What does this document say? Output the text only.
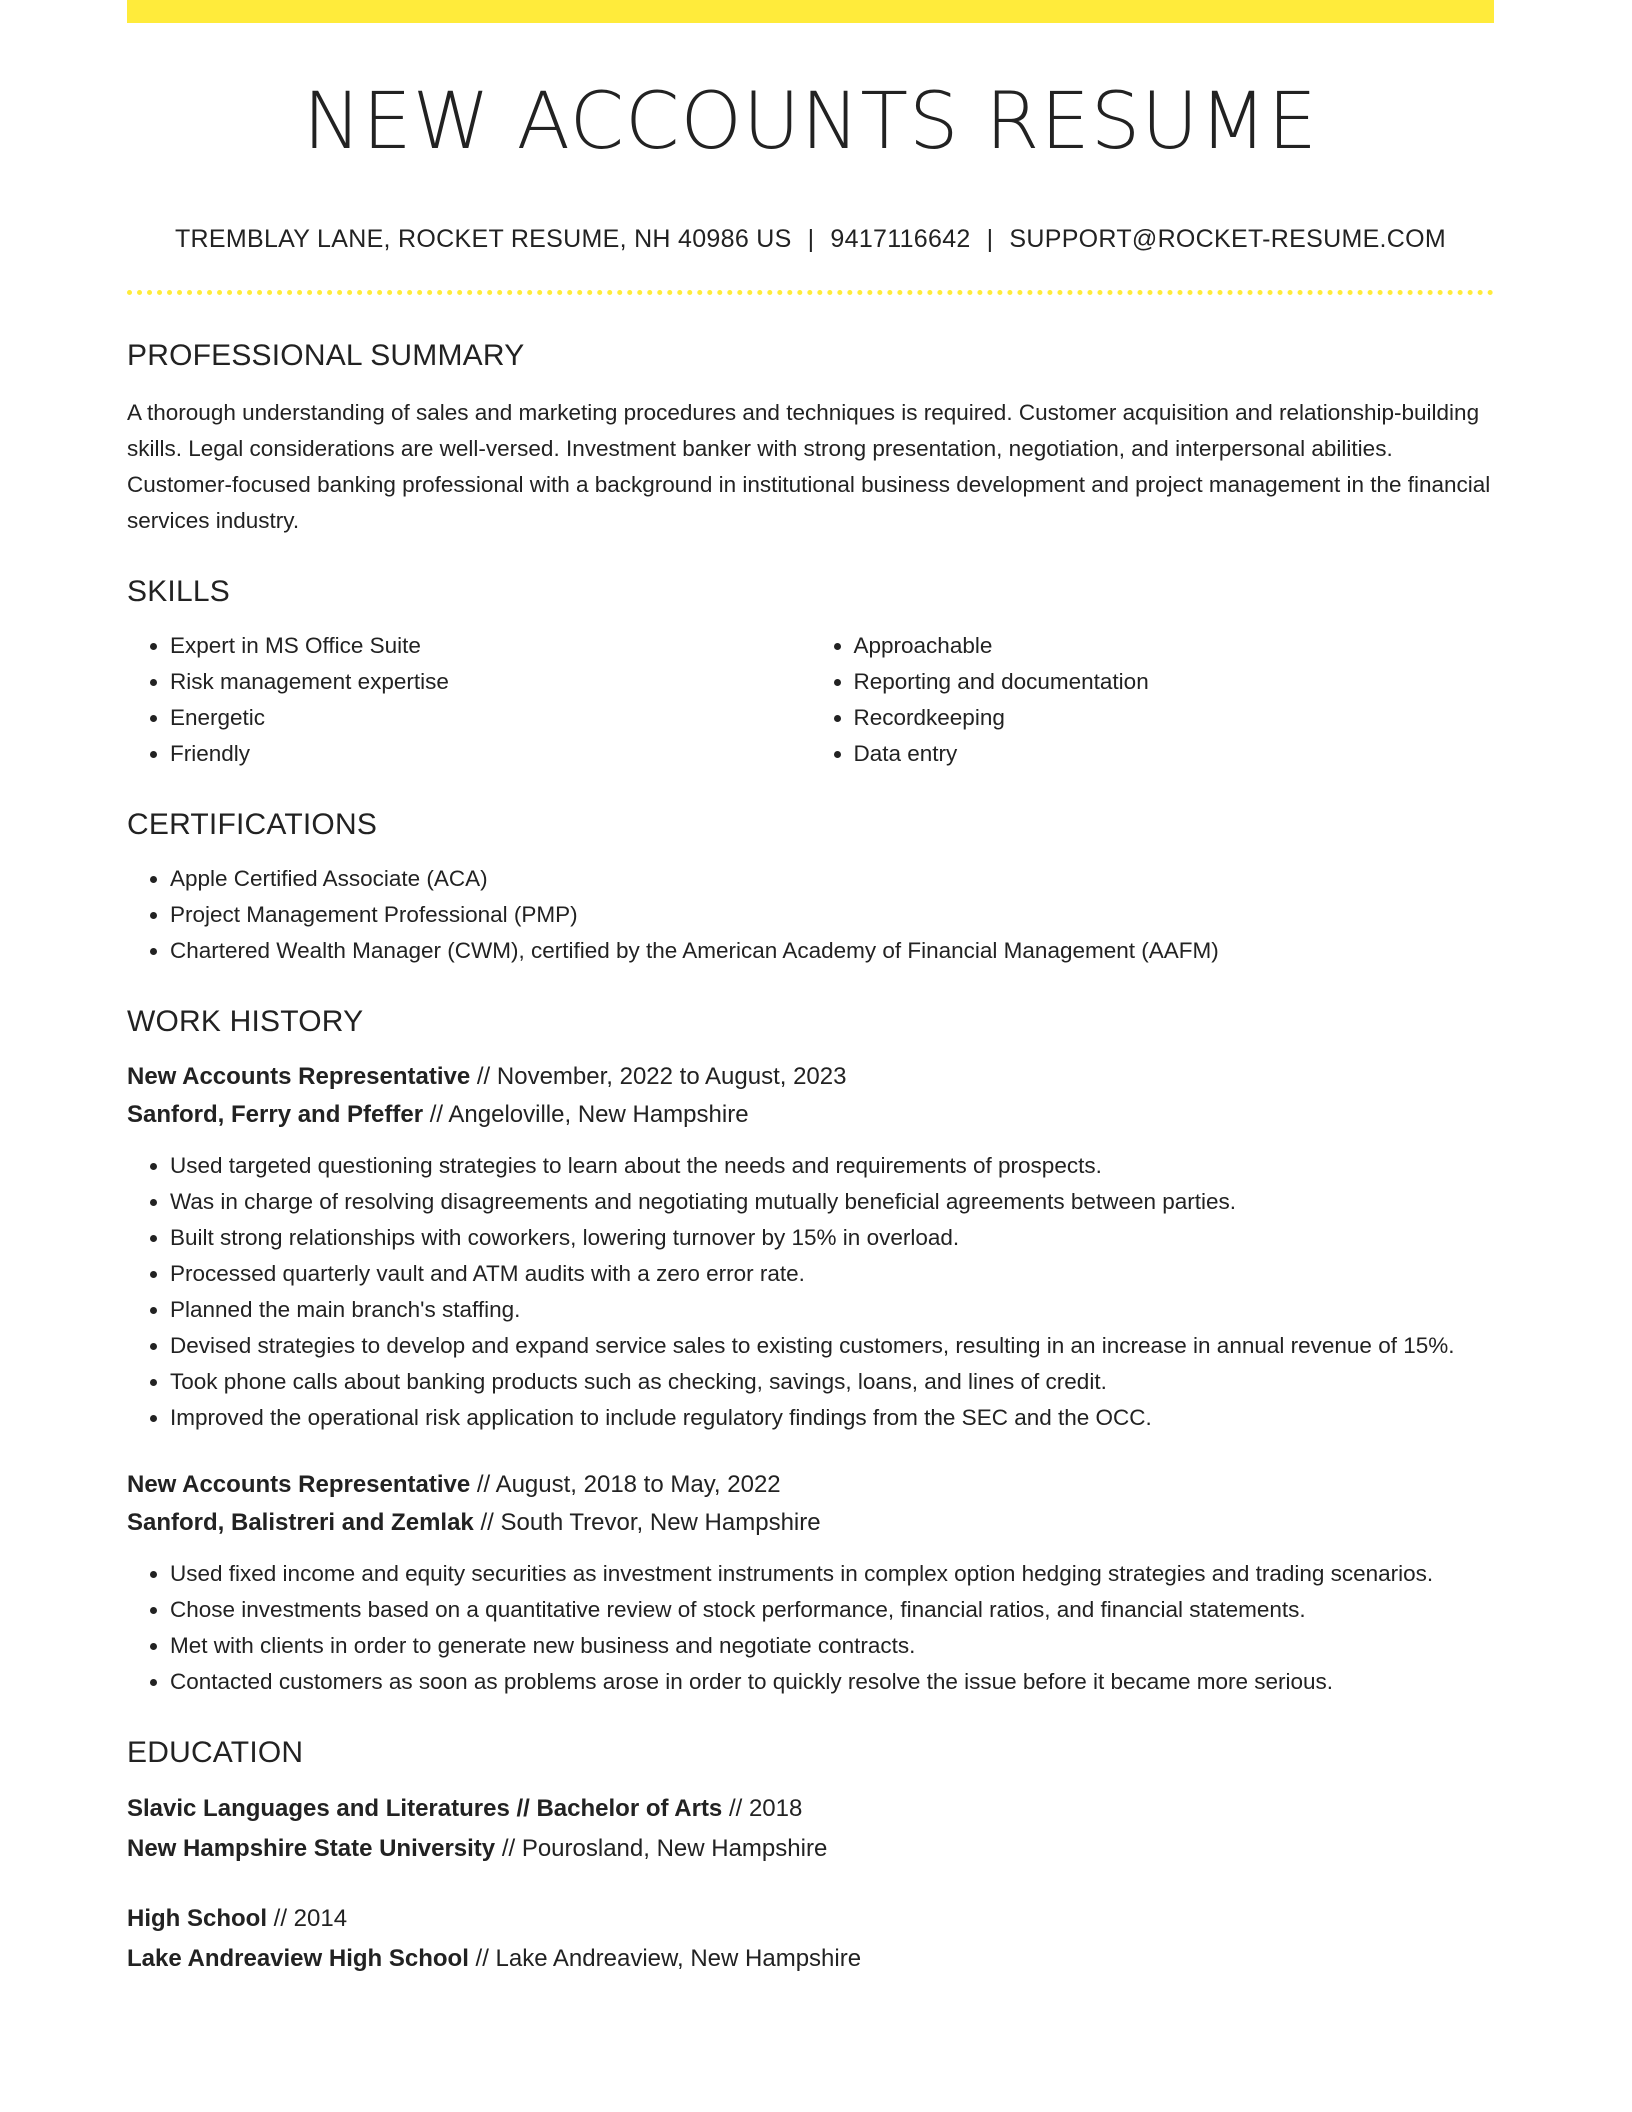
NEW ACCOUNTS RESUME
TREMBLAY LANE, ROCKET RESUME, NH 40986 US | 9417116642 | SUPPORT@ROCKET-RESUME.COM
PROFESSIONAL SUMMARY

A thorough understanding of sales and marketing procedures and techniques is required. Customer acquisition and relationship-building skills. Legal considerations are well-versed. Investment banker with strong presentation, negotiation, and interpersonal abilities. Customer-focused banking professional with a background in institutional business development and project management in the financial services industry.

SKILLS
• Expert in MS Office Suite
• Risk management expertise
• Energetic
• Friendly
• Approachable
• Reporting and documentation
• Recordkeeping
• Data entry
CERTIFICATIONS
• Apple Certified Associate (ACA)
• Project Management Professional (PMP)
• Chartered Wealth Manager (CWM), certified by the American Academy of Financial Management (AAFM)
WORK HISTORY
New Accounts Representative // November, 2022 to August, 2023
Sanford, Ferry and Pfeffer // Angeloville, New Hampshire
• Used targeted questioning strategies to learn about the needs and requirements of prospects.
• Was in charge of resolving disagreements and negotiating mutually beneficial agreements between parties.
• Built strong relationships with coworkers, lowering turnover by 15% in overload.
• Processed quarterly vault and ATM audits with a zero error rate.
• Planned the main branch's staffing.
• Devised strategies to develop and expand service sales to existing customers, resulting in an increase in annual revenue of 15%.
• Took phone calls about banking products such as checking, savings, loans, and lines of credit.
• Improved the operational risk application to include regulatory findings from the SEC and the OCC.
New Accounts Representative // August, 2018 to May, 2022
Sanford, Balistreri and Zemlak // South Trevor, New Hampshire
• Used fixed income and equity securities as investment instruments in complex option hedging strategies and trading scenarios.
• Chose investments based on a quantitative review of stock performance, financial ratios, and financial statements.
• Met with clients in order to generate new business and negotiate contracts.
• Contacted customers as soon as problems arose in order to quickly resolve the issue before it became more serious.
EDUCATION
Slavic Languages and Literatures // Bachelor of Arts // 2018
New Hampshire State University // Pourosland, New Hampshire
High School // 2014
Lake Andreaview High School // Lake Andreaview, New Hampshire
